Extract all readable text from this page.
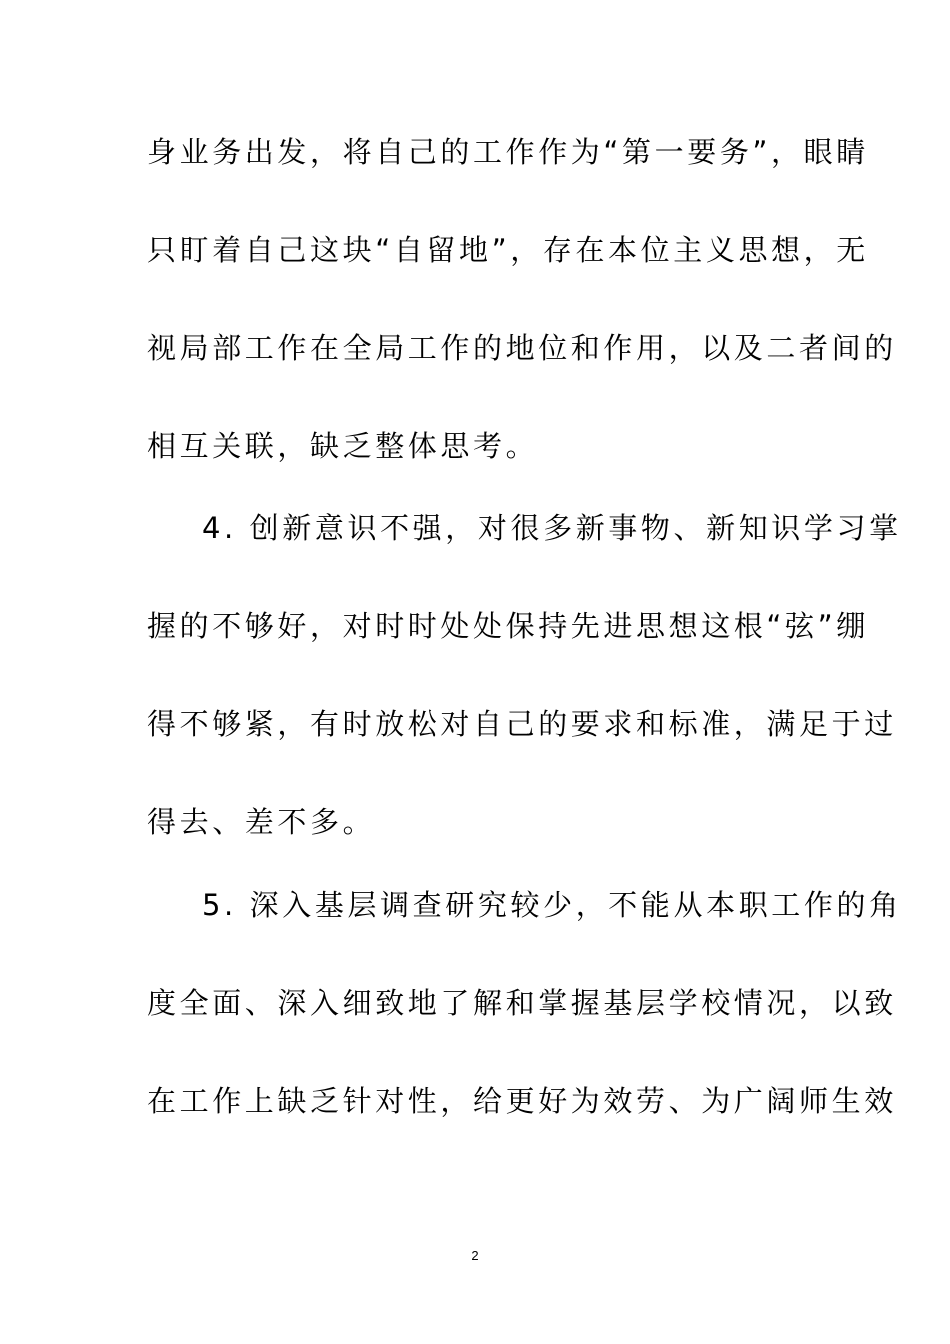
身业务出发，将自己的工作作为“第一要务”，眼睛
只盯着自己这块“自留地”，存在本位主义思想，无
视局部工作在全局工作的地位和作用，以及二者间的
相互关联，缺乏整体思考。
4. 创新意识不强，对很多新事物、新知识学习掌
握的不够好，对时时处处保持先进思想这根“弦”绷
得不够紧，有时放松对自己的要求和标准，满足于过
得去、差不多。
5. 深入基层调查研究较少，不能从本职工作的角
度全面、深入细致地了解和掌握基层学校情况，以致
在工作上缺乏针对性，给更好为效劳、为广阔师生效
2
